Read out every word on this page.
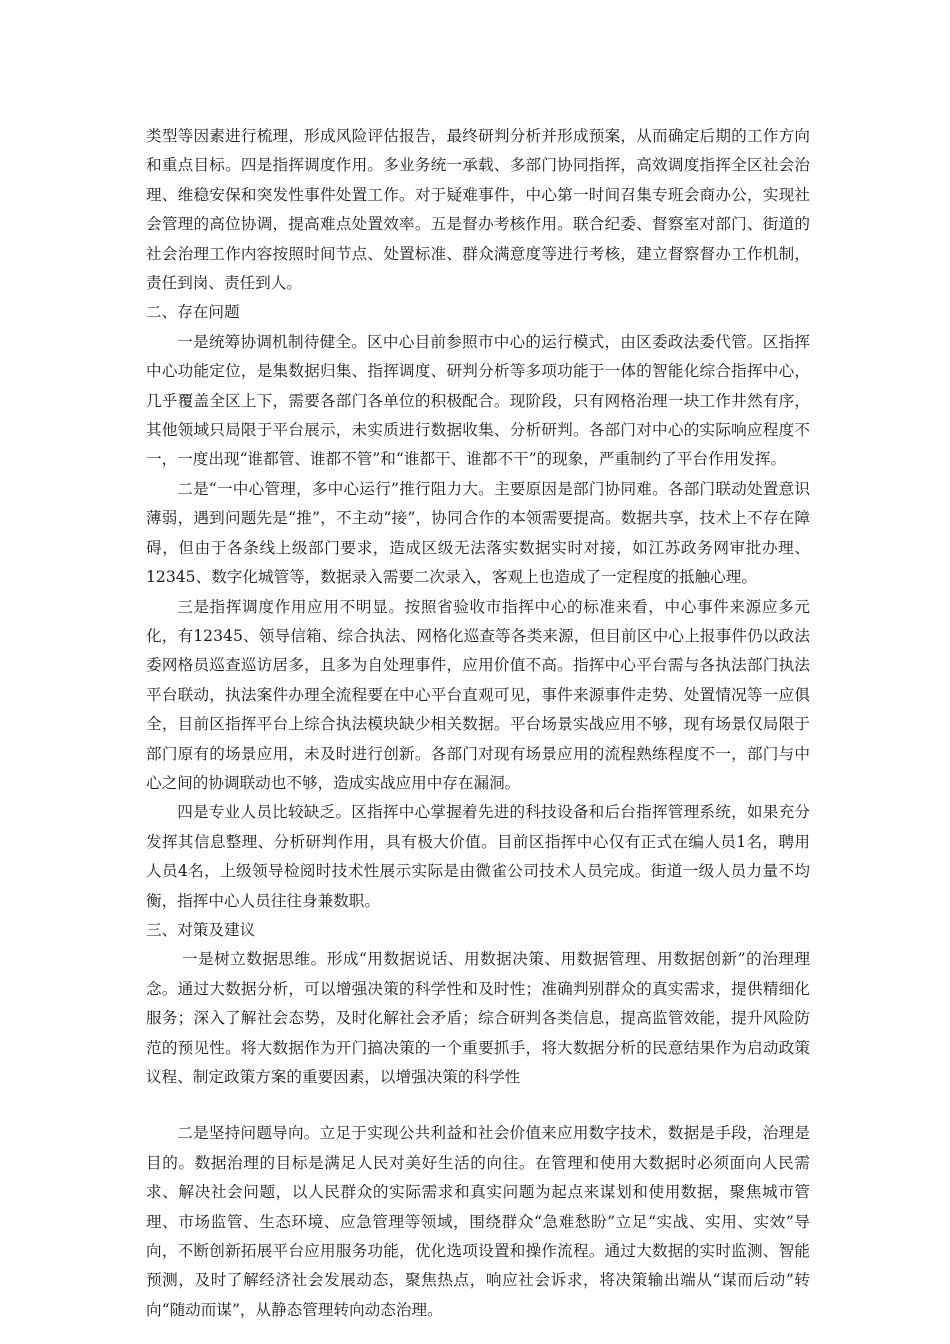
类型等因素进行梳理，形成风险评估报告，最终研判分析并形成预案，从而确定后期的工作方向和重点目标。四是指挥调度作用。多业务统一承载、多部门协同指挥，高效调度指挥全区社会治理、维稳安保和突发性事件处置工作。对于疑难事件，中心第一时间召集专班会商办公，实现社会管理的高位协调，提高难点处置效率。五是督办考核作用。联合纪委、督察室对部门、街道的社会治理工作内容按照时间节点、处置标准、群众满意度等进行考核，建立督察督办工作机制，责任到岗、责任到人。

二、存在问题

一是统筹协调机制待健全。区中心目前参照市中心的运行模式，由区委政法委代管。区指挥中心功能定位，是集数据归集、指挥调度、研判分析等多项功能于一体的智能化综合指挥中心，几乎覆盖全区上下，需要各部门各单位的积极配合。现阶段，只有网格治理一块工作井然有序，其他领域只局限于平台展示，未实质进行数据收集、分析研判。各部门对中心的实际响应程度不一，一度出现“谁都管、谁都不管”和“谁都干、谁都不干”的现象，严重制约了平台作用发挥。

二是“一中心管理，多中心运行”推行阻力大。主要原因是部门协同难。各部门联动处置意识薄弱，遇到问题先是“推”，不主动“接”，协同合作的本领需要提高。数据共享，技术上不存在障碍，但由于各条线上级部门要求，造成区级无法落实数据实时对接，如江苏政务网审批办理、12345、数字化城管等，数据录入需要二次录入，客观上也造成了一定程度的抵触心理。

三是指挥调度作用应用不明显。按照省验收市指挥中心的标准来看，中心事件来源应多元化，有12345、领导信箱、综合执法、网格化巡查等各类来源，但目前区中心上报事件仍以政法委网格员巡查巡访居多，且多为自处理事件，应用价值不高。指挥中心平台需与各执法部门执法平台联动，执法案件办理全流程要在中心平台直观可见，事件来源事件走势、处置情况等一应俱全，目前区指挥平台上综合执法模块缺少相关数据。平台场景实战应用不够，现有场景仅局限于部门原有的场景应用，未及时进行创新。各部门对现有场景应用的流程熟练程度不一，部门与中心之间的协调联动也不够，造成实战应用中存在漏洞。

四是专业人员比较缺乏。区指挥中心掌握着先进的科技设备和后台指挥管理系统，如果充分发挥其信息整理、分析研判作用，具有极大价值。目前区指挥中心仅有正式在编人员1名，聘用人员4名，上级领导检阅时技术性展示实际是由微雀公司技术人员完成。街道一级人员力量不均衡，指挥中心人员往往身兼数职。

三、对策及建议

一是树立数据思维。形成“用数据说话、用数据决策、用数据管理、用数据创新”的治理理念。通过大数据分析，可以增强决策的科学性和及时性；准确判别群众的真实需求，提供精细化服务；深入了解社会态势，及时化解社会矛盾；综合研判各类信息，提高监管效能，提升风险防范的预见性。将大数据作为开门搞决策的一个重要抓手，将大数据分析的民意结果作为启动政策议程、制定政策方案的重要因素，以增强决策的科学性

二是坚持问题导向。立足于实现公共利益和社会价值来应用数字技术，数据是手段，治理是目的。数据治理的目标是满足人民对美好生活的向往。在管理和使用大数据时必须面向人民需求、解决社会问题，以人民群众的实际需求和真实问题为起点来谋划和使用数据，聚焦城市管理、市场监管、生态环境、应急管理等领域，围绕群众“急难愁盼”立足“实战、实用、实效”导向，不断创新拓展平台应用服务功能，优化选项设置和操作流程。通过大数据的实时监测、智能预测，及时了解经济社会发展动态，聚焦热点，响应社会诉求，将决策输出端从“谋而后动”转向“随动而谋”，从静态管理转向动态治理。
